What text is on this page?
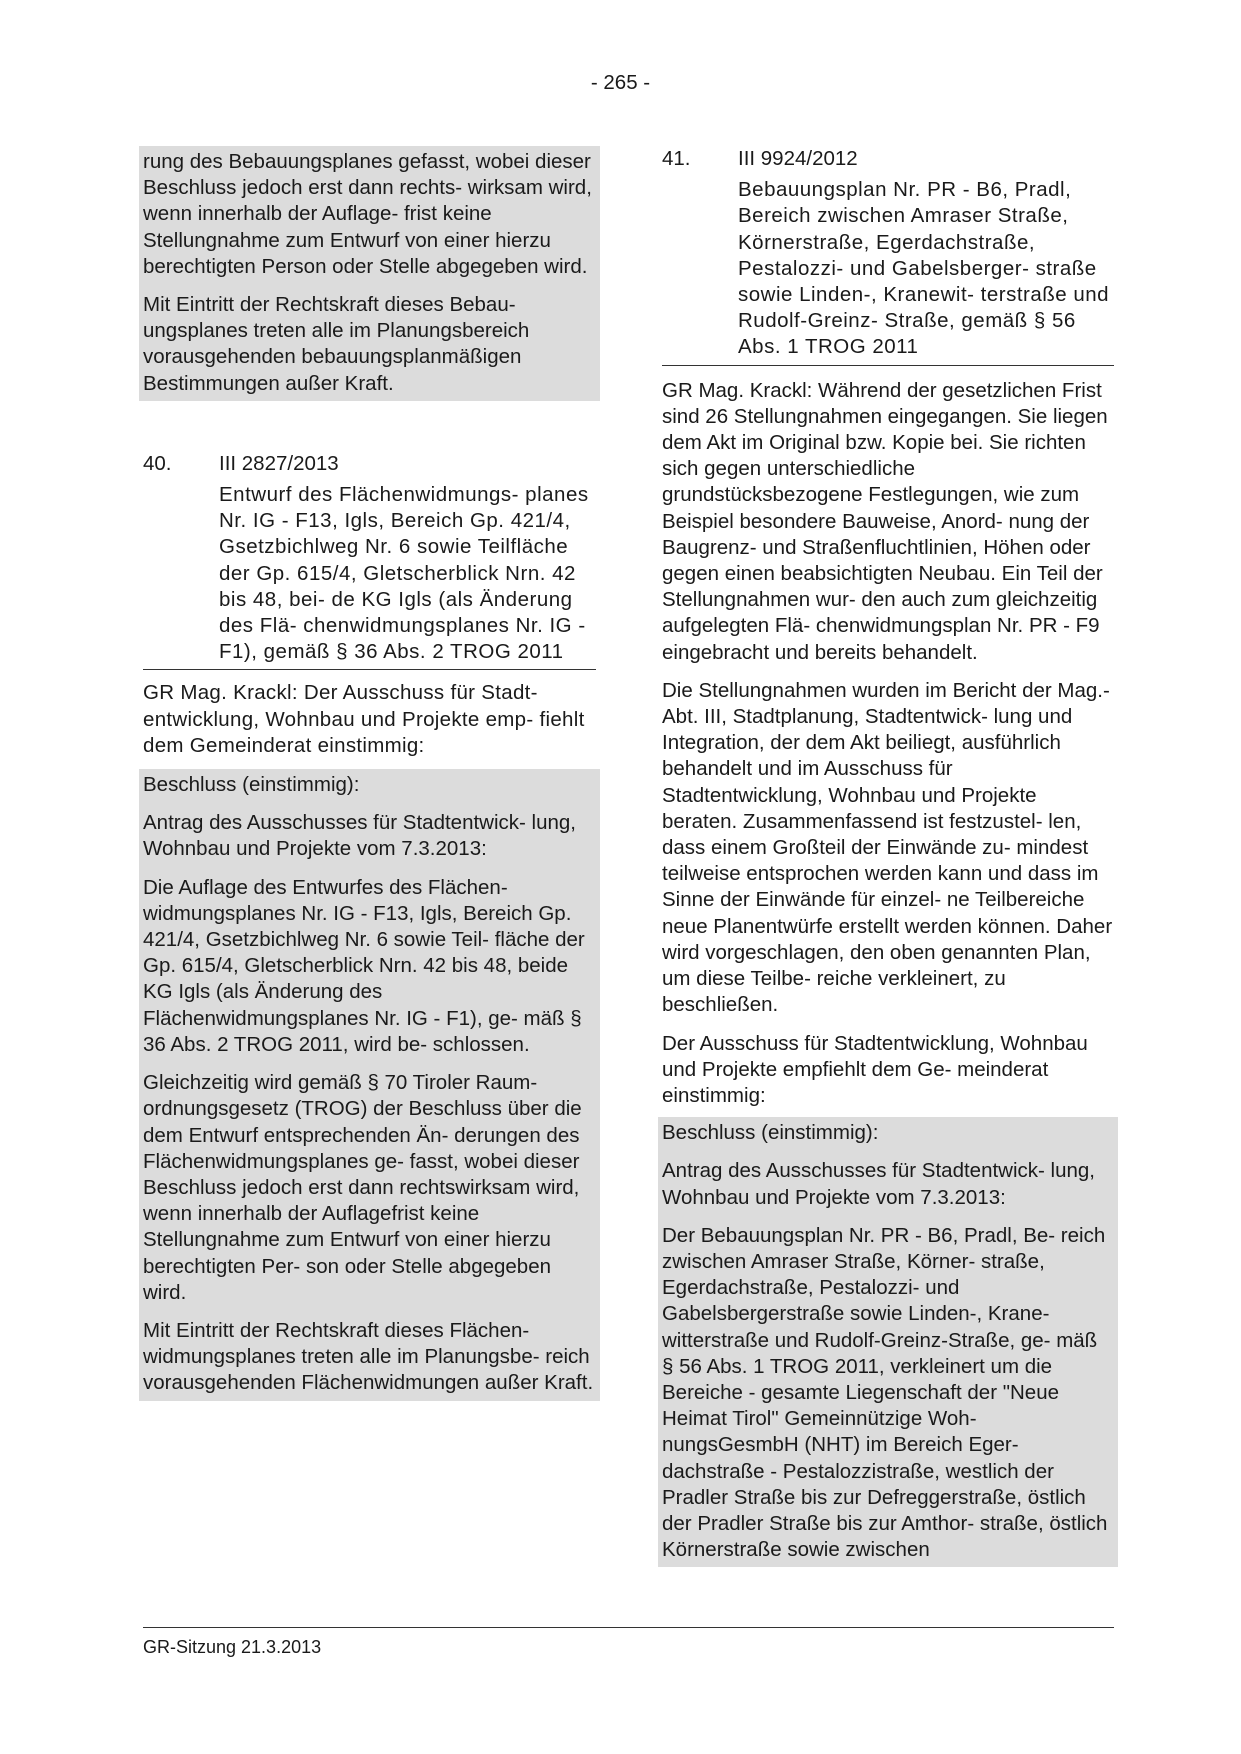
- 265 -

rung des Bebauungsplanes gefasst, wobei dieser Beschluss jedoch erst dann rechts- wirksam wird, wenn innerhalb der Auflage- frist keine Stellungnahme zum Entwurf von einer hierzu berechtigten Person oder Stelle abgegeben wird.

Mit Eintritt der Rechtskraft dieses Bebau- ungsplanes treten alle im Planungsbereich vorausgehenden bebauungsplanmäßigen Bestimmungen außer Kraft.

40.	III 2827/2013
Entwurf des Flächenwidmungs- planes Nr. IG - F13, Igls, Bereich Gp. 421/4, Gsetzbichlweg Nr. 6 sowie Teilfläche der Gp. 615/4, Gletscherblick Nrn. 42 bis 48, bei- de KG Igls (als Änderung des Flä- chenwidmungsplanes Nr. IG - F1), gemäß § 36 Abs. 2 TROG 2011

GR Mag. Krackl: Der Ausschuss für Stadt- entwicklung, Wohnbau und Projekte emp- fiehlt dem Gemeinderat einstimmig:

Beschluss (einstimmig):

Antrag des Ausschusses für Stadtentwick- lung, Wohnbau und Projekte vom 7.3.2013:

Die Auflage des Entwurfes des Flächen- widmungsplanes Nr. IG - F13, Igls, Bereich Gp. 421/4, Gsetzbichlweg Nr. 6 sowie Teil- fläche der Gp. 615/4, Gletscherblick Nrn. 42 bis 48, beide KG Igls (als Änderung des Flächenwidmungsplanes Nr. IG - F1), ge- mäß § 36 Abs. 2 TROG 2011, wird be- schlossen.

Gleichzeitig wird gemäß § 70 Tiroler Raum- ordnungsgesetz (TROG) der Beschluss über die dem Entwurf entsprechenden Än- derungen des Flächenwidmungsplanes ge- fasst, wobei dieser Beschluss jedoch erst dann rechtswirksam wird, wenn innerhalb der Auflagefrist keine Stellungnahme zum Entwurf von einer hierzu berechtigten Per- son oder Stelle abgegeben wird.

Mit Eintritt der Rechtskraft dieses Flächen- widmungsplanes treten alle im Planungsbe- reich vorausgehenden Flächenwidmungen außer Kraft.

41.	III 9924/2012
Bebauungsplan Nr. PR - B6, Pradl, Bereich zwischen Amraser Straße, Körnerstraße, Egerdachstraße, Pestalozzi- und Gabelsberger- straße sowie Linden-, Kranewit- terstraße und Rudolf-Greinz- Straße, gemäß § 56 Abs. 1 TROG 2011

GR Mag. Krackl: Während der gesetzlichen Frist sind 26 Stellungnahmen eingegangen. Sie liegen dem Akt im Original bzw. Kopie bei. Sie richten sich gegen unterschiedliche grundstücksbezogene Festlegungen, wie zum Beispiel besondere Bauweise, Anord- nung der Baugrenz- und Straßenfluchtlinien, Höhen oder gegen einen beabsichtigten Neubau. Ein Teil der Stellungnahmen wur- den auch zum gleichzeitig aufgelegten Flä- chenwidmungsplan Nr. PR - F9 eingebracht und bereits behandelt.

Die Stellungnahmen wurden im Bericht der Mag.-Abt. III, Stadtplanung, Stadtentwick- lung und Integration, der dem Akt beiliegt, ausführlich behandelt und im Ausschuss für Stadtentwicklung, Wohnbau und Projekte beraten. Zusammenfassend ist festzustel- len, dass einem Großteil der Einwände zu- mindest teilweise entsprochen werden kann und dass im Sinne der Einwände für einzel- ne Teilbereiche neue Planentwürfe erstellt werden können. Daher wird vorgeschlagen, den oben genannten Plan, um diese Teilbe- reiche verkleinert, zu beschließen.

Der Ausschuss für Stadtentwicklung, Wohnbau und Projekte empfiehlt dem Ge- meinderat einstimmig:

Beschluss (einstimmig):

Antrag des Ausschusses für Stadtentwick- lung, Wohnbau und Projekte vom 7.3.2013:

Der Bebauungsplan Nr. PR - B6, Pradl, Be- reich zwischen Amraser Straße, Körner- straße, Egerdachstraße, Pestalozzi- und Gabelsbergerstraße sowie Linden-, Krane- witterstraße und Rudolf-Greinz-Straße, ge- mäß § 56 Abs. 1 TROG 2011, verkleinert um die Bereiche - gesamte Liegenschaft der "Neue Heimat Tirol" Gemeinnützige Woh- nungsGesmbH (NHT) im Bereich Eger- dachstraße - Pestalozzistraße, westlich der Pradler Straße bis zur Defreggerstraße, östlich der Pradler Straße bis zur Amthor- straße, östlich Körnerstraße sowie zwischen

GR-Sitzung 21.3.2013
